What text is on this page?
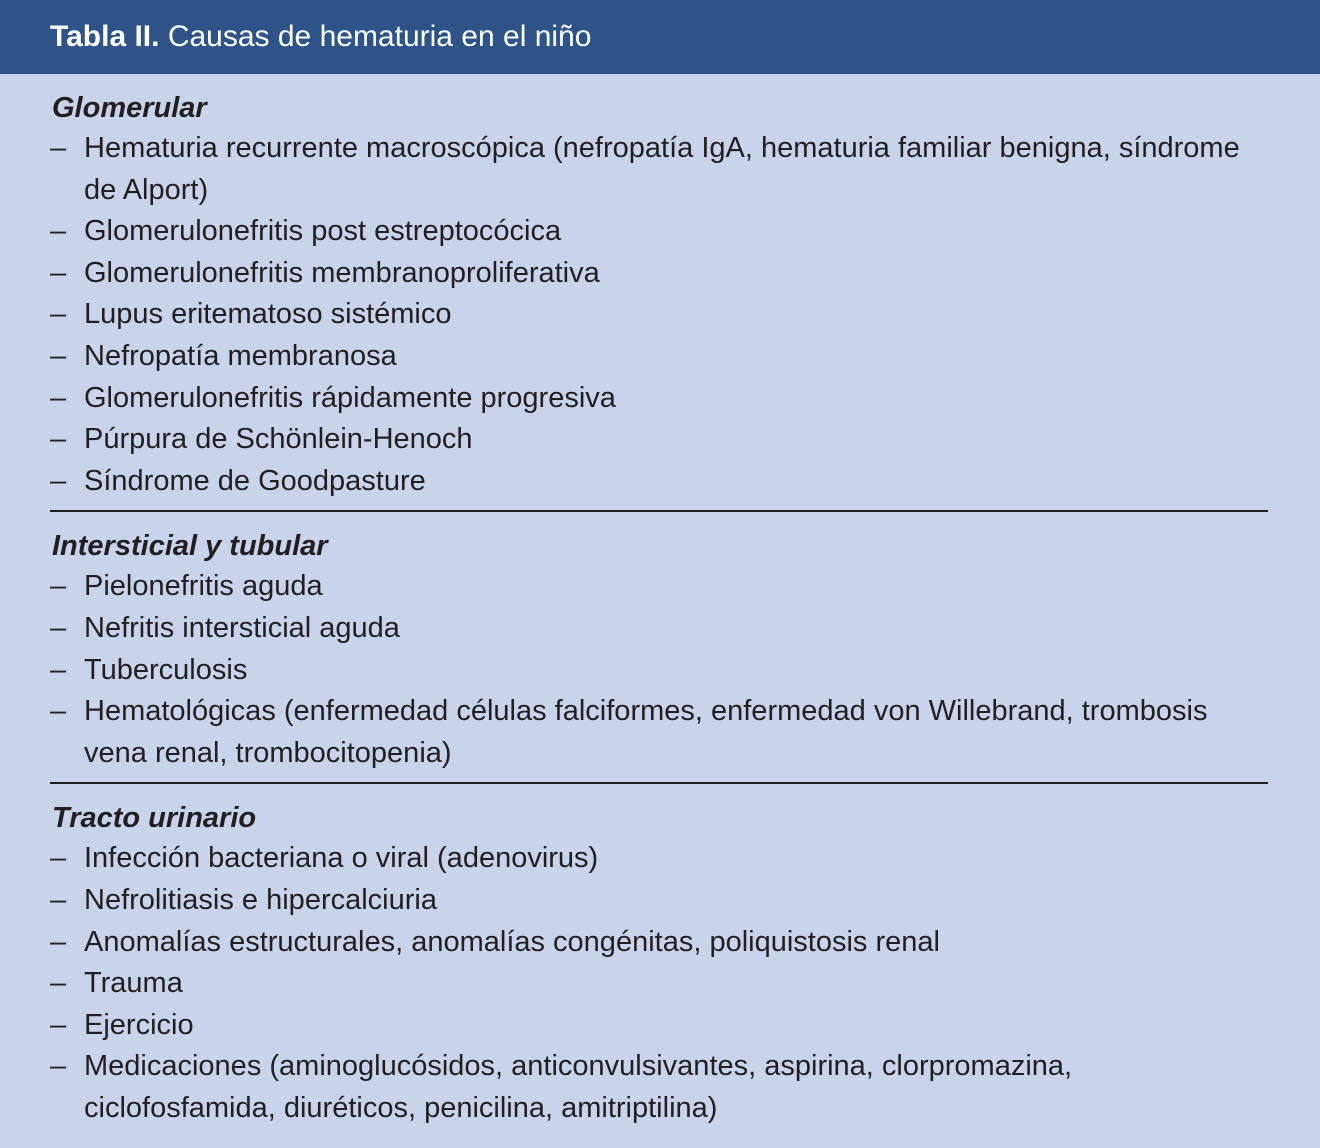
Tabla II. Causas de hematuria en el niño
Glomerular
– Hematuria recurrente macroscópica (nefropatía IgA, hematuria familiar benigna, síndrome de Alport)
– Glomerulonefritis post estreptocócica
– Glomerulonefritis membranoproliferativa
– Lupus eritematoso sistémico
– Nefropatía membranosa
– Glomerulonefritis rápidamente progresiva
– Púrpura de Schönlein-Henoch
– Síndrome de Goodpasture
Intersticial y tubular
– Pielonefritis aguda
– Nefritis intersticial aguda
– Tuberculosis
– Hematológicas (enfermedad células falciformes, enfermedad von Willebrand, trombosis vena renal, trombocitopenia)
Tracto urinario
– Infección bacteriana o viral (adenovirus)
– Nefrolitiasis e hipercalciuria
– Anomalías estructurales, anomalías congénitas, poliquistosis renal
– Trauma
– Ejercicio
– Medicaciones (aminoglucósidos, anticonvulsivantes, aspirina, clorpromazina, ciclofosfamida, diuréticos, penicilina, amitriptilina)
